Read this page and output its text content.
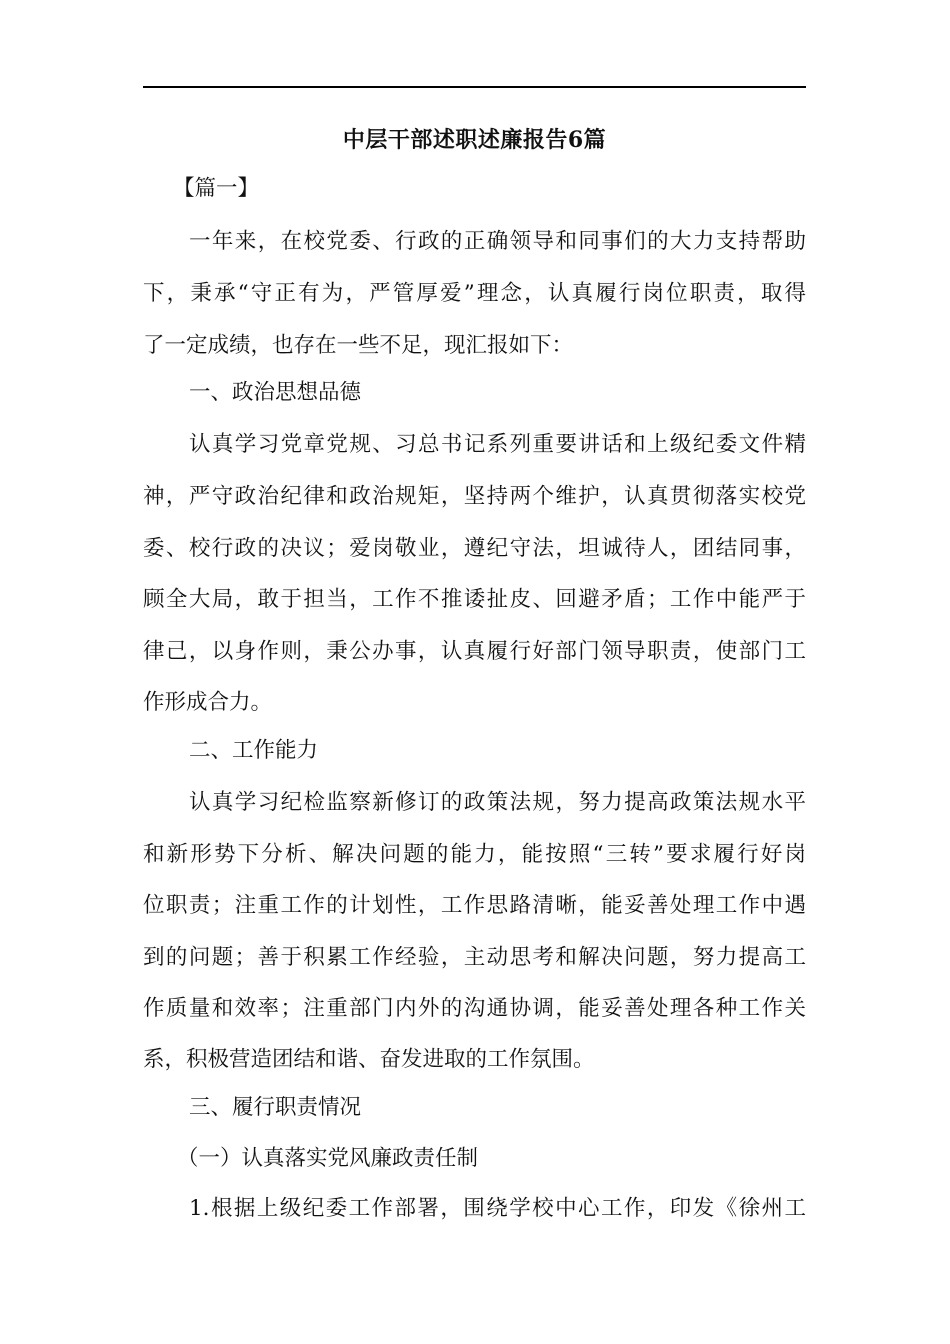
中层干部述职述廉报告6篇
【篇一】
一年来，在校党委、行政的正确领导和同事们的大力支持帮助
下，秉承“守正有为，严管厚爱”理念，认真履行岗位职责，取得
了一定成绩，也存在一些不足，现汇报如下：
一、政治思想品德
认真学习党章党规、习总书记系列重要讲话和上级纪委文件精
神，严守政治纪律和政治规矩，坚持两个维护，认真贯彻落实校党
委、校行政的决议；爱岗敬业，遵纪守法，坦诚待人，团结同事，
顾全大局，敢于担当，工作不推诿扯皮、回避矛盾；工作中能严于
律己，以身作则，秉公办事，认真履行好部门领导职责，使部门工
作形成合力。
二、工作能力
认真学习纪检监察新修订的政策法规，努力提高政策法规水平
和新形势下分析、解决问题的能力，能按照“三转”要求履行好岗
位职责；注重工作的计划性，工作思路清晰，能妥善处理工作中遇
到的问题；善于积累工作经验，主动思考和解决问题，努力提高工
作质量和效率；注重部门内外的沟通协调，能妥善处理各种工作关
系，积极营造团结和谐、奋发进取的工作氛围。
三、履行职责情况
（一）认真落实党风廉政责任制
1.根据上级纪委工作部署，围绕学校中心工作，印发《徐州工
